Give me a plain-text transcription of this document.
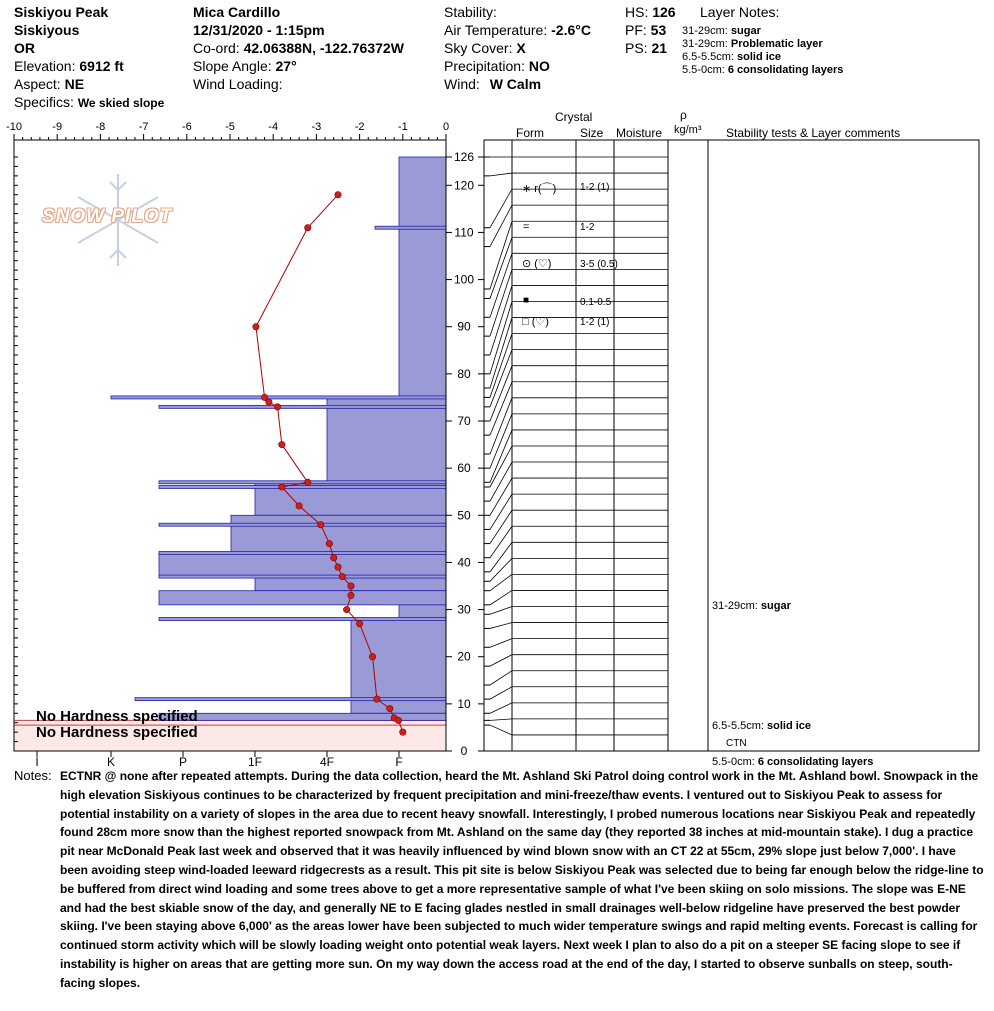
Siskiyou Peak
Siskiyous
OR
Elevation: 6912 ft
Aspect: NE
Specifics: We skied slope
Mica Cardillo
12/31/2020 - 1:15pm
Co-ord: 42.06388N, -122.76372W
Slope Angle: 27°
Wind Loading:
Stability:
Air Temperature: -2.6°C
Sky Cover: X
Precipitation: NO
Wind: W Calm
HS: 126
PF: 53
PS: 21
Layer Notes:
31-29cm: sugar
31-29cm: Problematic layer
6.5-5.5cm: solid ice
5.5-0cm: 6 consolidating layers
-10	-9	-8	-7	-6	-5	-4	-3	-2	-1	0
I	K	P	1F	4F	F
126
120
110
100
90
80
70
60
50
40
30
20
10
0
SNOW PILOT
Crystal
Form	Size Moisture
ρ
kg/m³ Stability tests & Layer comments
∗ r(⌒) 1-2 (1)
=	1-2
⊙ (♡)	3-5 (0.5)
■	0.1-0.5
□ (♡)	1-2 (1)
31-29cm: sugar
6.5-5.5cm: solid ice
CTN
5.5-0cm: 6 consolidating layers
No Hardness specified
No Hardness specified
Notes: ECTNR @ none after repeated attempts. During the data collection, heard the Mt. Ashland Ski Patrol doing control work in the Mt. Ashland bowl. Snowpack in the high elevation Siskiyous continues to be characterized by frequent precipitation and mini-freeze/thaw events. I ventured out to Siskiyou Peak to assess for potential instability on a variety of slopes in the area due to recent heavy snowfall. Interestingly, I probed numerous locations near Siskiyou Peak and repeatedly found 28cm more snow than the highest reported snowpack from Mt. Ashland on the same day (they reported 38 inches at mid-mountain stake). I dug a practice pit near McDonald Peak last week and observed that it was heavily influenced by wind blown snow with an CT 22 at 55cm, 29% slope just below 7,000'. I have been avoiding steep wind-loaded leeward ridgecrests as a result. This pit site is below Siskiyou Peak was selected due to being far enough below the ridge-line to be buffered from direct wind loading and some trees above to get a more representative sample of what I've been skiing on solo missions. The slope was E-NE and had the best skiable snow of the day, and generally NE to E facing glades nestled in small drainages well-below ridgeline have preserved the best powder skiing. I've been staying above 6,000' as the areas lower have been subjected to much wider temperature swings and rapid melting events. Forecast is calling for continued storm activity which will be slowly loading weight onto potential weak layers. Next week I plan to also do a pit on a steeper SE facing slope to see if instability is higher on areas that are getting more sun. On my way down the access road at the end of the day, I started to observe sunballs on steep, south-facing slopes.
